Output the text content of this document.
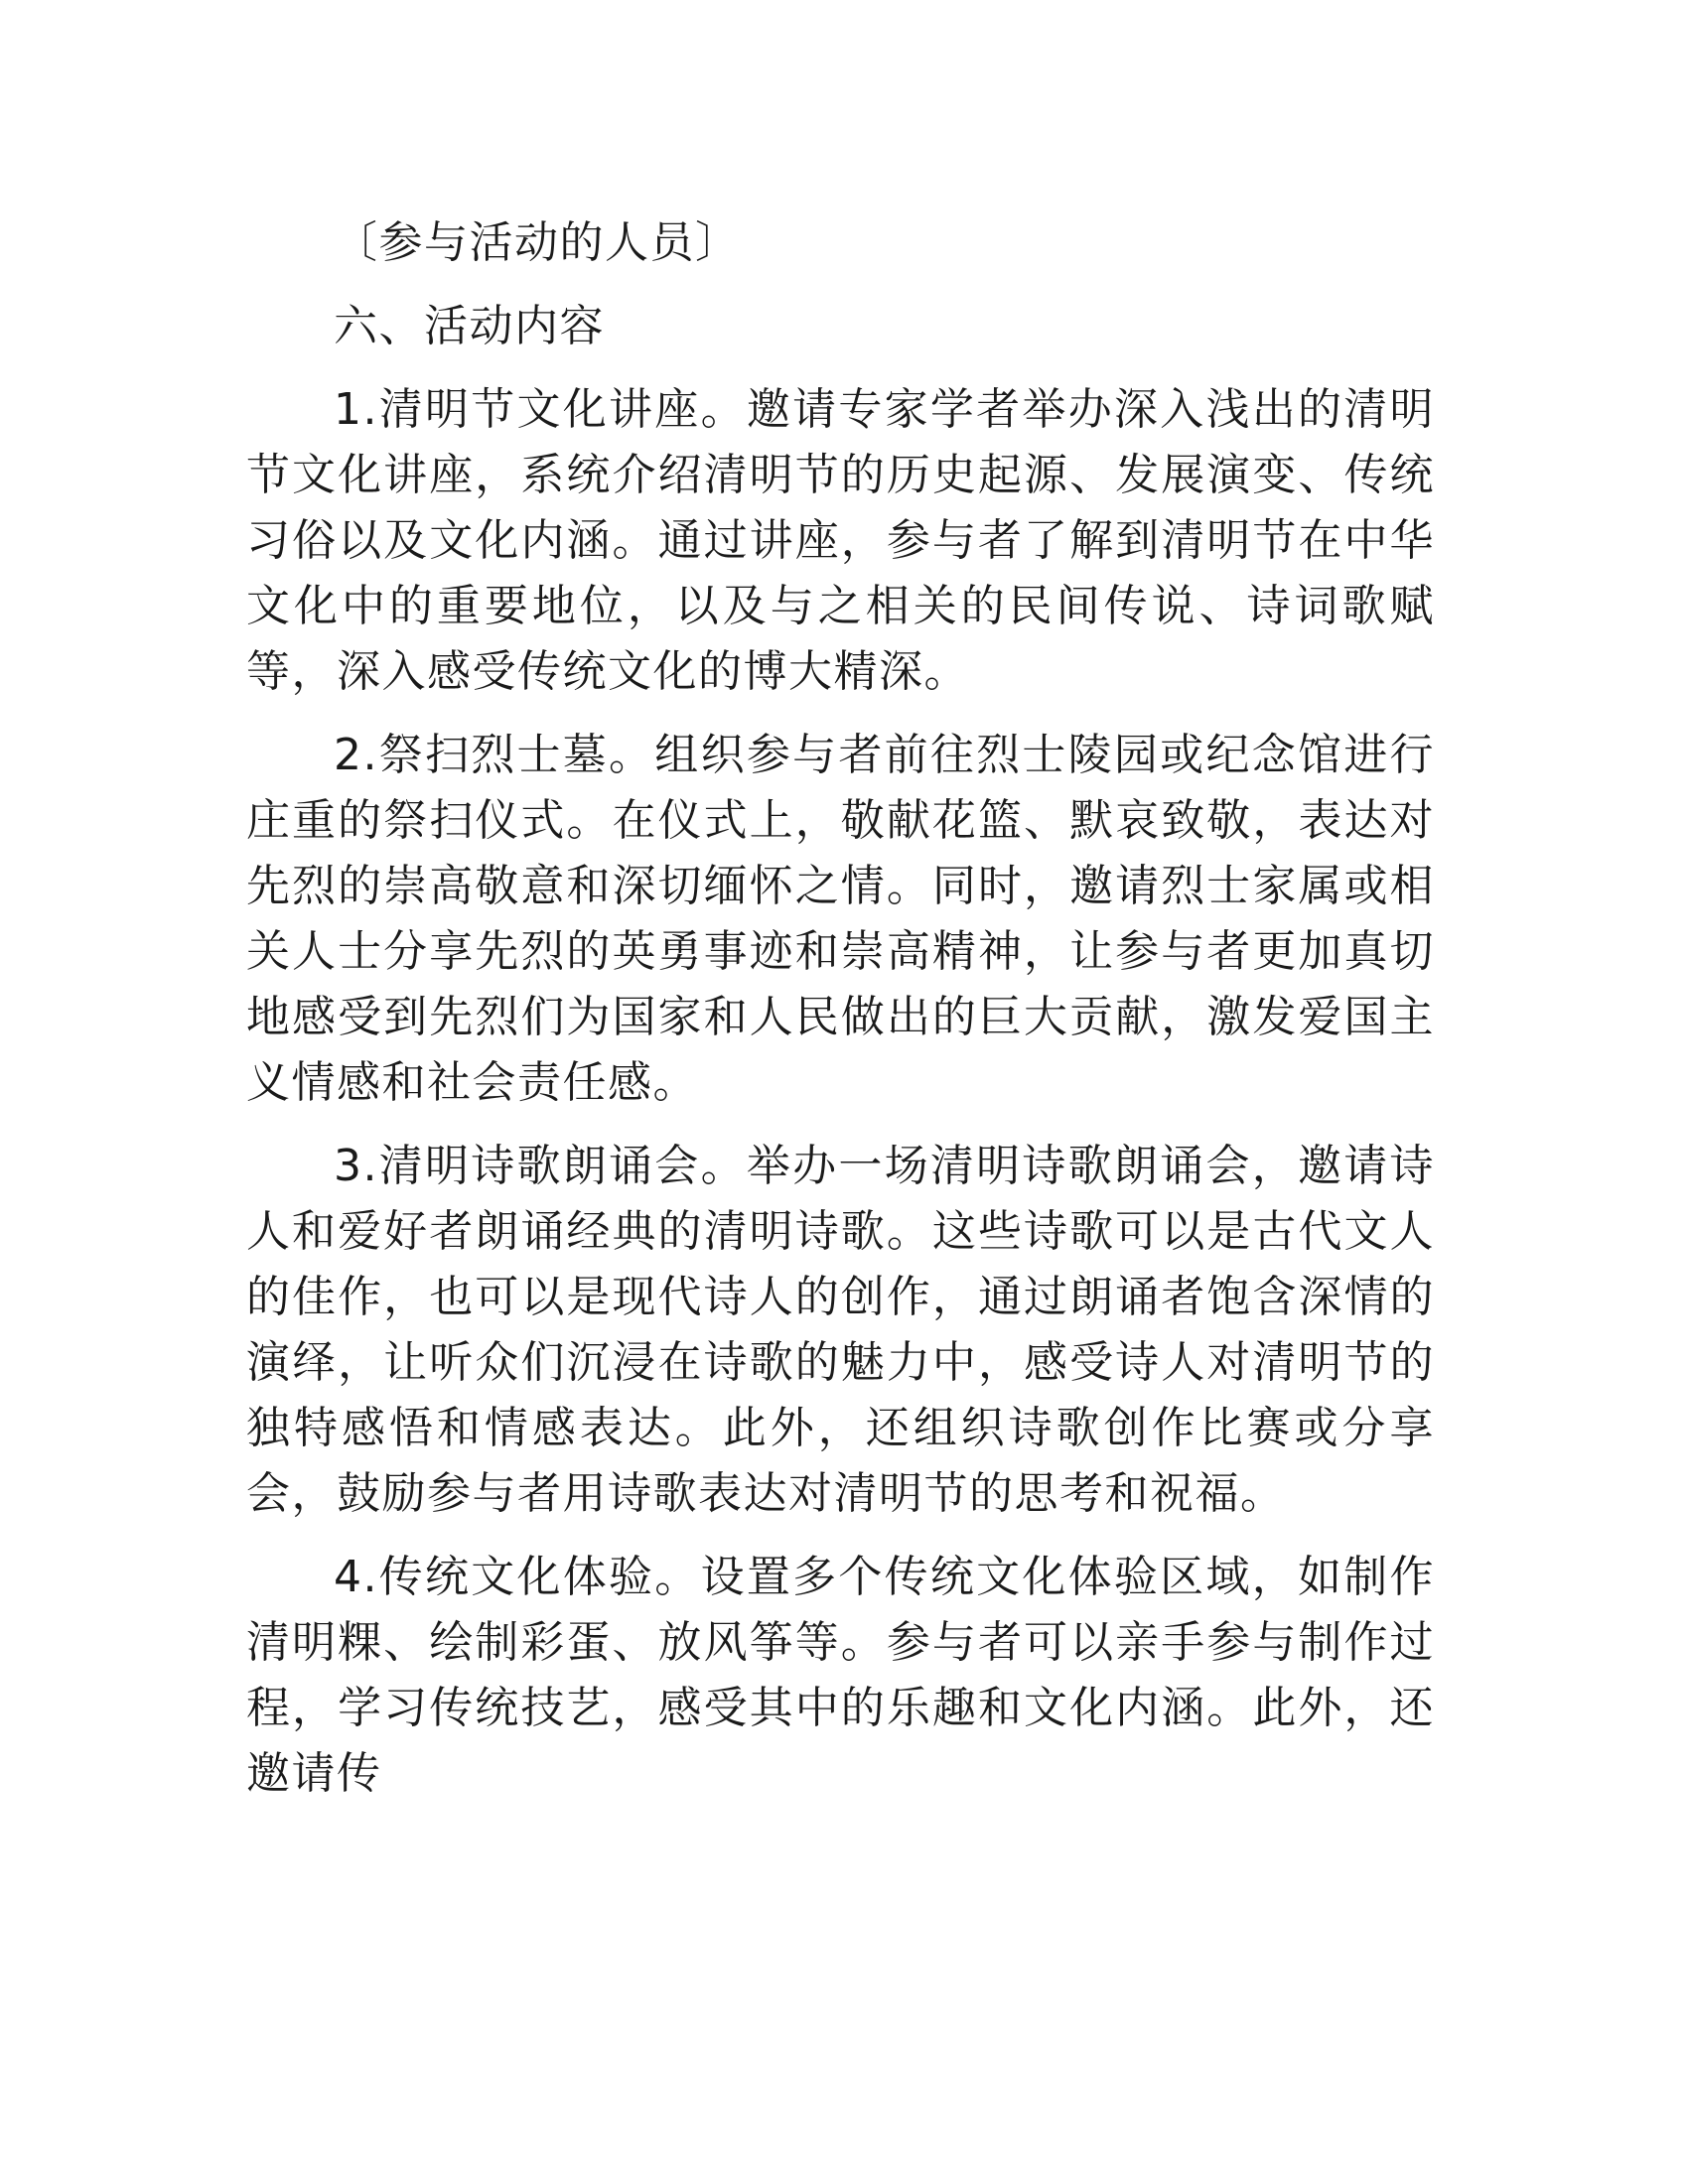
〔参与活动的人员〕

六、活动内容

1.清明节文化讲座。邀请专家学者举办深入浅出的清明节文化讲座，系统介绍清明节的历史起源、发展演变、传统习俗以及文化内涵。通过讲座，参与者了解到清明节在中华文化中的重要地位，以及与之相关的民间传说、诗词歌赋等，深入感受传统文化的博大精深。

2.祭扫烈士墓。组织参与者前往烈士陵园或纪念馆进行庄重的祭扫仪式。在仪式上，敬献花篮、默哀致敬，表达对先烈的崇高敬意和深切缅怀之情。同时，邀请烈士家属或相关人士分享先烈的英勇事迹和崇高精神，让参与者更加真切地感受到先烈们为国家和人民做出的巨大贡献，激发爱国主义情感和社会责任感。

3.清明诗歌朗诵会。举办一场清明诗歌朗诵会，邀请诗人和爱好者朗诵经典的清明诗歌。这些诗歌可以是古代文人的佳作，也可以是现代诗人的创作，通过朗诵者饱含深情的演绎，让听众们沉浸在诗歌的魅力中，感受诗人对清明节的独特感悟和情感表达。此外，还组织诗歌创作比赛或分享会，鼓励参与者用诗歌表达对清明节的思考和祝福。

4.传统文化体验。设置多个传统文化体验区域，如制作清明粿、绘制彩蛋、放风筝等。参与者可以亲手参与制作过程，学习传统技艺，感受其中的乐趣和文化内涵。此外，还邀请传
